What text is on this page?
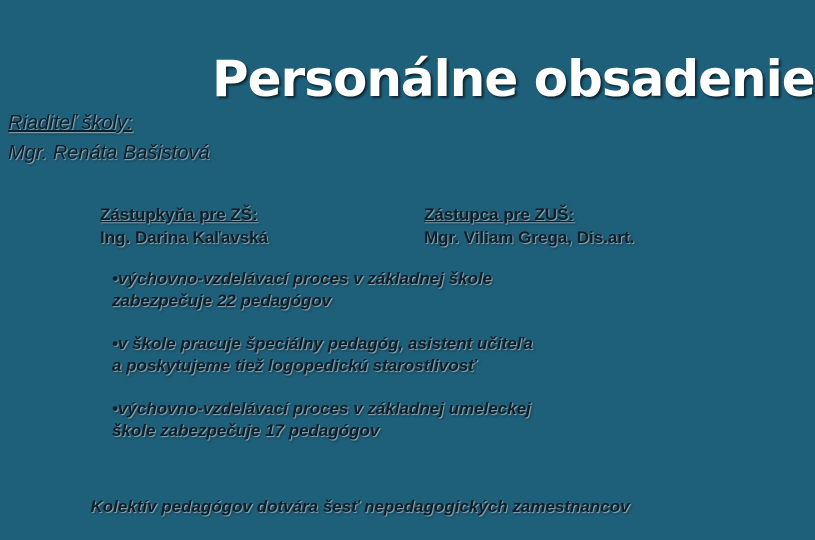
Personálne obsadenie
Riaditeľ školy:
Mgr. Renáta Bašistová
Zástupkyňa pre ZŠ:
Ing. Darina Kaľavská
Zástupca pre ZUŠ:
Mgr. Viliam Grega, Dis.art.
•výchovno-vzdelávací proces v základnej škole
zabezpečuje 22 pedagógov
•v škole pracuje špeciálny pedagóg, asistent učiteľa
a poskytujeme tiež logopedickú starostlivosť
•výchovno-vzdelávací proces v základnej umeleckej
škole zabezpečuje 17 pedagógov
Kolektív pedagógov dotvára šesť nepedagogických zamestnancov
